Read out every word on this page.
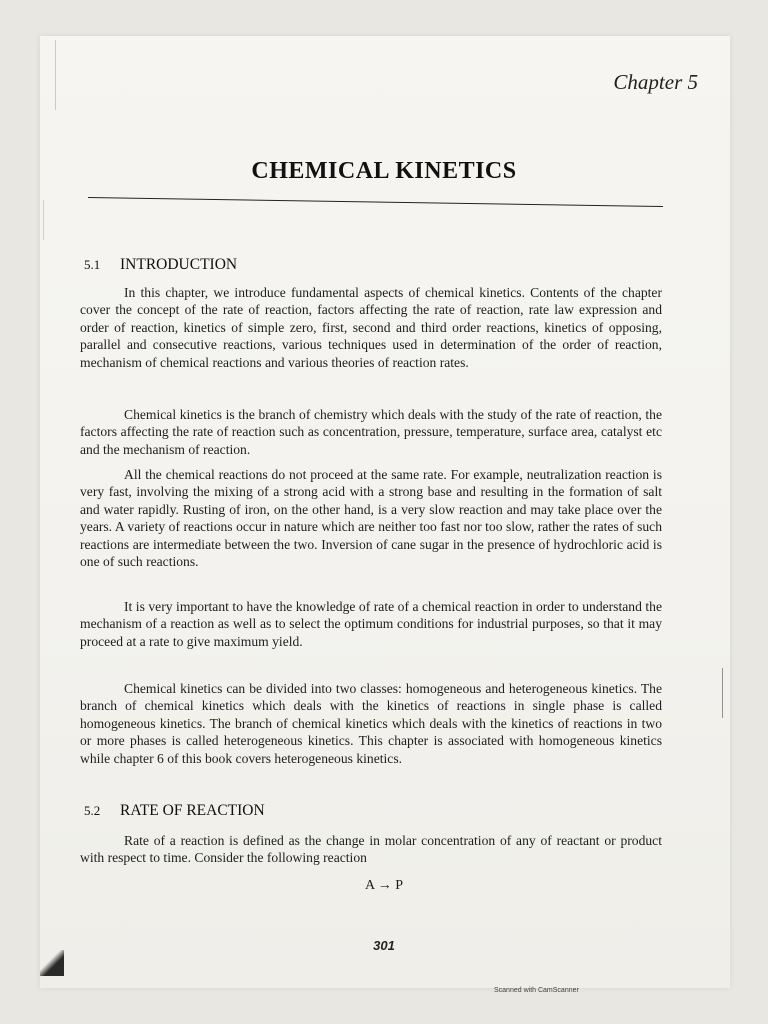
Chapter 5
CHEMICAL KINETICS
5.1 INTRODUCTION

In this chapter, we introduce fundamental aspects of chemical kinetics. Contents of the chapter cover the concept of the rate of reaction, factors affecting the rate of reaction, rate law expression and order of reaction, kinetics of simple zero, first, second and third order reactions, kinetics of opposing, parallel and consecutive reactions, various techniques used in determination of the order of reaction, mechanism of chemical reactions and various theories of reaction rates.

Chemical kinetics is the branch of chemistry which deals with the study of the rate of reaction, the factors affecting the rate of reaction such as concentration, pressure, temperature, surface area, catalyst etc and the mechanism of reaction.

All the chemical reactions do not proceed at the same rate. For example, neutralization reaction is very fast, involving the mixing of a strong acid with a strong base and resulting in the formation of salt and water rapidly. Rusting of iron, on the other hand, is a very slow reaction and may take place over the years. A variety of reactions occur in nature which are neither too fast nor too slow, rather the rates of such reactions are intermediate between the two. Inversion of cane sugar in the presence of hydrochloric acid is one of such reactions.

It is very important to have the knowledge of rate of a chemical reaction in order to understand the mechanism of a reaction as well as to select the optimum conditions for industrial purposes, so that it may proceed at a rate to give maximum yield.

Chemical kinetics can be divided into two classes: homogeneous and heterogeneous kinetics. The branch of chemical kinetics which deals with the kinetics of reactions in single phase is called homogeneous kinetics. The branch of chemical kinetics which deals with the kinetics of reactions in two or more phases is called heterogeneous kinetics. This chapter is associated with homogeneous kinetics while chapter 6 of this book covers heterogeneous kinetics.

5.2 RATE OF REACTION

Rate of a reaction is defined as the change in molar concentration of any of reactant or product with respect to time. Consider the following reaction

A → P
301
Scanned with CamScanner
